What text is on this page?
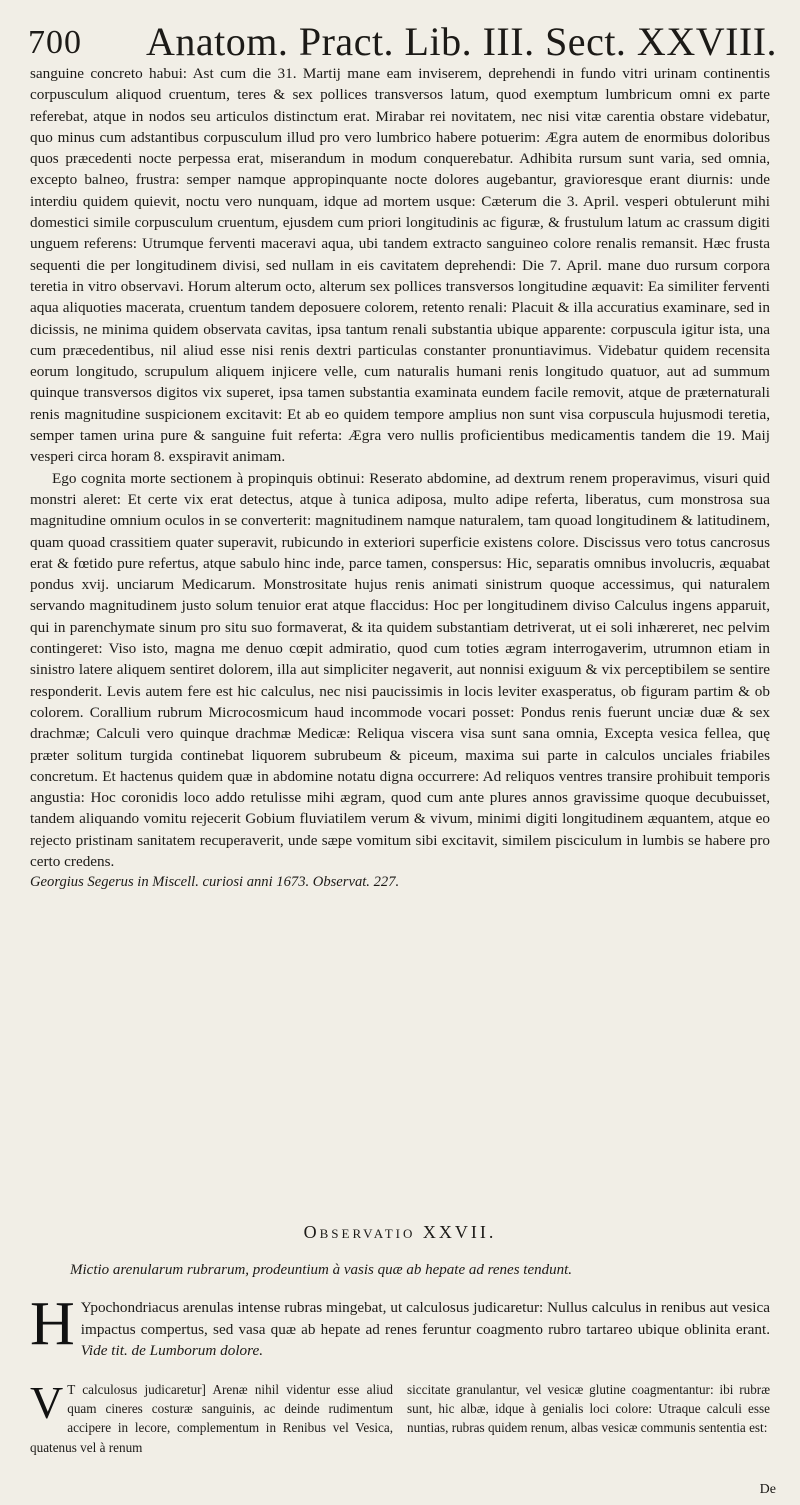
700 Anatom. Pract. Lib. III. Sect. XXVIII.

sanguine concreto habui: Ast cum die 31. Martij mane eam inviserem, deprehendi in fundo vitri urinam continentis corpusculum aliquod cruentum, teres & sex pollices transversos latum, quod exemptum lumbricum omni ex parte referebat, atque in nodos seu articulos distinctum erat. Mirabar rei novitatem, nec nisi vitæ carentia obstare videbatur, quo minus cum adstantibus corpusculum illud pro vero lumbrico habere potuerim: Ægra autem de enormibus doloribus quos præcedenti nocte perpessa erat, miserandum in modum conquerebatur. Adhibita rursum sunt varia, sed omnia, excepto balneo, frustra: semper namque appropinquante nocte dolores augebantur, gravioresque erant diurnis: unde interdiu quidem quievit, noctu vero nunquam, idque ad mortem usque: Cæterum die 3. April. vesperi obtulerunt mihi domestici simile corpusculum cruentum, ejusdem cum priori longitudinis ac figuræ, & frustulum latum ac crassum digiti unguem referens: Utrumque ferventi maceravi aqua, ubi tandem extracto sanguineo colore renalis remansit. Hæc frusta sequenti die per longitudinem divisi, sed nullam in eis cavitatem deprehendi: Die 7. April. mane duo rursum corpora teretia in vitro observavi. Horum alterum octo, alterum sex pollices transversos longitudine æquavit: Ea similiter ferventi aqua aliquoties macerata, cruentum tandem deposuere colorem, retento renali: Placuit & illa accuratius examinare, sed in dicissis, ne minima quidem observata cavitas, ipsa tantum renali substantia ubique apparente: corpuscula igitur ista, una cum præcedentibus, nil aliud esse nisi renis dextri particulas constanter pronuntiavimus. Videbatur quidem recensita eorum longitudo, scrupulum aliquem injicere velle, cum naturalis humani renis longitudo quatuor, aut ad summum quinque transversos digitos vix superet, ipsa tamen substantia examinata eundem facile removit, atque de præternaturali renis magnitudine suspicionem excitavit: Et ab eo quidem tempore amplius non sunt visa corpuscula hujusmodi teretia, semper tamen urina pure & sanguine fuit referta: Ægra vero nullis proficientibus medicamentis tandem die 19. Maij vesperi circa horam 8. exspiravit animam.

Ego cognita morte sectionem à propinquis obtinui: Reserato abdomine, ad dextrum renem properavimus, visuri quid monstri aleret: Et certe vix erat detectus, atque à tunica adiposa, multo adipe referta, liberatus, cum monstrosa sua magnitudine omnium oculos in se converterit: magnitudinem namque naturalem, tam quoad longitudinem & latitudinem, quam quoad crassitiem quater superavit, rubicundo in exteriori superficie existens colore. Discissus vero totus cancrosus erat & fœtido pure refertus, atque sabulo hinc inde, parce tamen, conspersus: Hic, separatis omnibus involucris, æquabat pondus xvij. unciarum Medicarum. Monstrositate hujus renis animati sinistrum quoque accessimus, qui naturalem servando magnitudinem justo solum tenuior erat atque flaccidus: Hoc per longitudinem diviso Calculus ingens apparuit, qui in parenchymate sinum pro situ suo formaverat, & ita quidem substantiam detriverat, ut ei soli inhæreret, nec pelvim contingeret: Viso isto, magna me denuo cœpit admiratio, quod cum toties ægram interrogaverim, utrumnon etiam in sinistro latere aliquem sentiret dolorem, illa aut simpliciter negaverit, aut nonnisi exiguum & vix perceptibilem se sentire responderit. Levis autem fere est hic calculus, nec nisi paucissimis in locis leviter exasperatus, ob figuram partim & ob colorem. Corallium rubrum Microcosmicum haud incommode vocari posset: Pondus renis fuerunt unciæ duæ & sex drachmæ; Calculi vero quinque drachmæ Medicæ: Reliqua viscera visa sunt sana omnia, Excepta vesica fellea, quę præter solitum turgida continebat liquorem subrubeum & piceum, maxima sui parte in calculos unciales friabiles concretum. Et hactenus quidem quæ in abdomine notatu digna occurrere: Ad reliquos ventres transire prohibuit temporis angustia: Hoc coronidis loco addo retulisse mihi ægram, quod cum ante plures annos gravissime quoque decubuisset, tandem aliquando vomitu rejecerit Gobium fluviatilem verum & vivum, minimi digiti longitudinem æquantem, atque eo rejecto pristinam sanitatem recuperaverit, unde sæpe vomitum sibi excitavit, similem pisciculum in lumbis se habere pro certo credens.

Georgius Segerus in Miscell. curiosi anni 1673. Observat. 227.

Observatio XXVII.
Mictio arenularum rubrarum, prodeuntium à vasis quæ ab hepate ad renes tendunt.
H Ypochondriacus arenulas intense rubras mingebat, ut calculosus judicaretur: Nullus calculus in renibus aut vesica impactus compertus, sed vasa quæ ab hepate ad renes feruntur coagmento rubro tartareo ubique oblinita erant. Vide tit. de Lumborum dolore.
V T calculosus judicaretur] Arenæ nihil videntur esse aliud quam cineres costuræ sanguinis, ac deinde rudimentum accipere in lecore, complementum in Renibus vel Vesica, quatenus vel à renum
siccitate granulantur, vel vesicæ glutine coagmentantur: ibi rubræ sunt, hic albæ, idque à genialis loci colore: Utraque calculi esse nuntias, rubras quidem renum, albas vesicæ communis sententia est:
De
